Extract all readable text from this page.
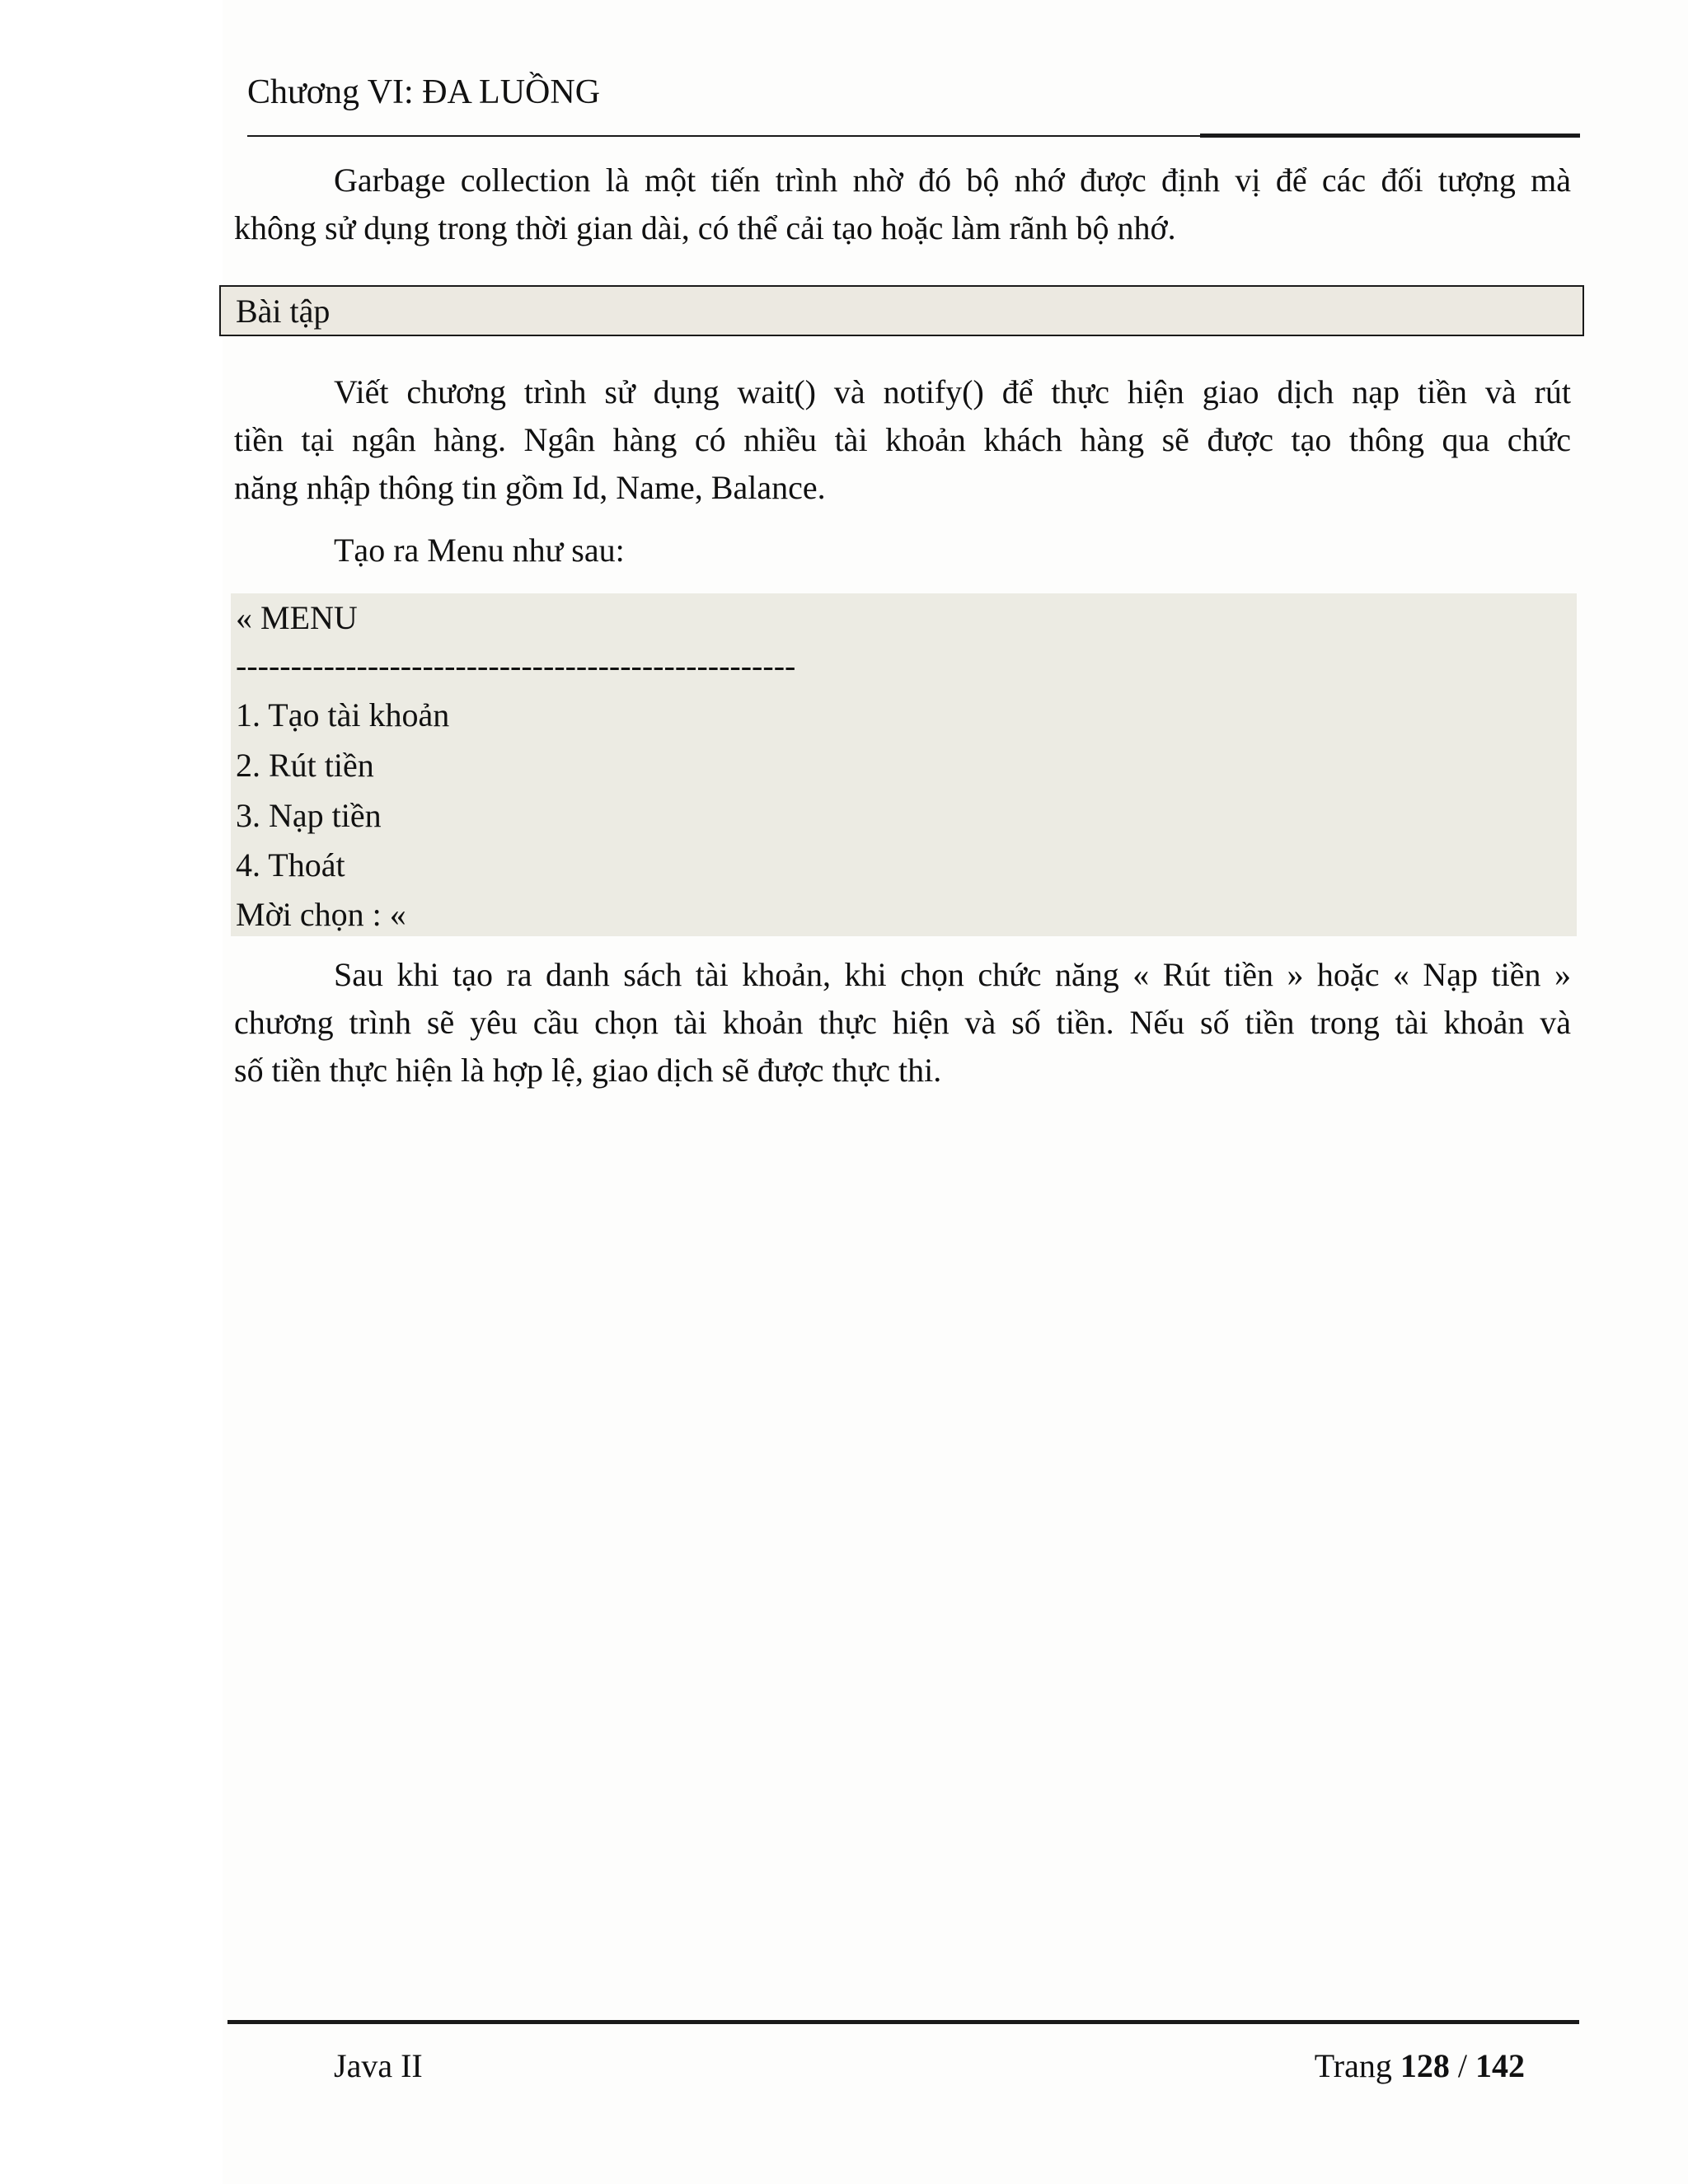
Chương VI: ĐA LUỒNG
Garbage collection là một tiến trình nhờ đó bộ nhớ được định vị để các đối tượng mà
không sử dụng trong thời gian dài, có thể cải tạo hoặc làm rãnh bộ nhớ.
Bài tập
Viết chương trình sử dụng wait() và notify() để thực hiện giao dịch nạp tiền và rút
tiền tại ngân hàng. Ngân hàng có nhiều tài khoản khách hàng sẽ được tạo thông qua chức
năng nhập thông tin gồm Id, Name, Balance.
Tạo ra Menu như sau:
« MENU
---------------------------------------------------
1. Tạo tài khoản
2. Rút tiền
3. Nạp tiền
4. Thoát
Mời chọn : «
Sau khi tạo ra danh sách tài khoản, khi chọn chức năng « Rút tiền » hoặc « Nạp tiền »
chương trình sẽ yêu cầu chọn tài khoản thực hiện và số tiền. Nếu số tiền trong tài khoản và
số tiền thực hiện là hợp lệ, giao dịch sẽ được thực thi.
Java II	Trang 128 / 142
